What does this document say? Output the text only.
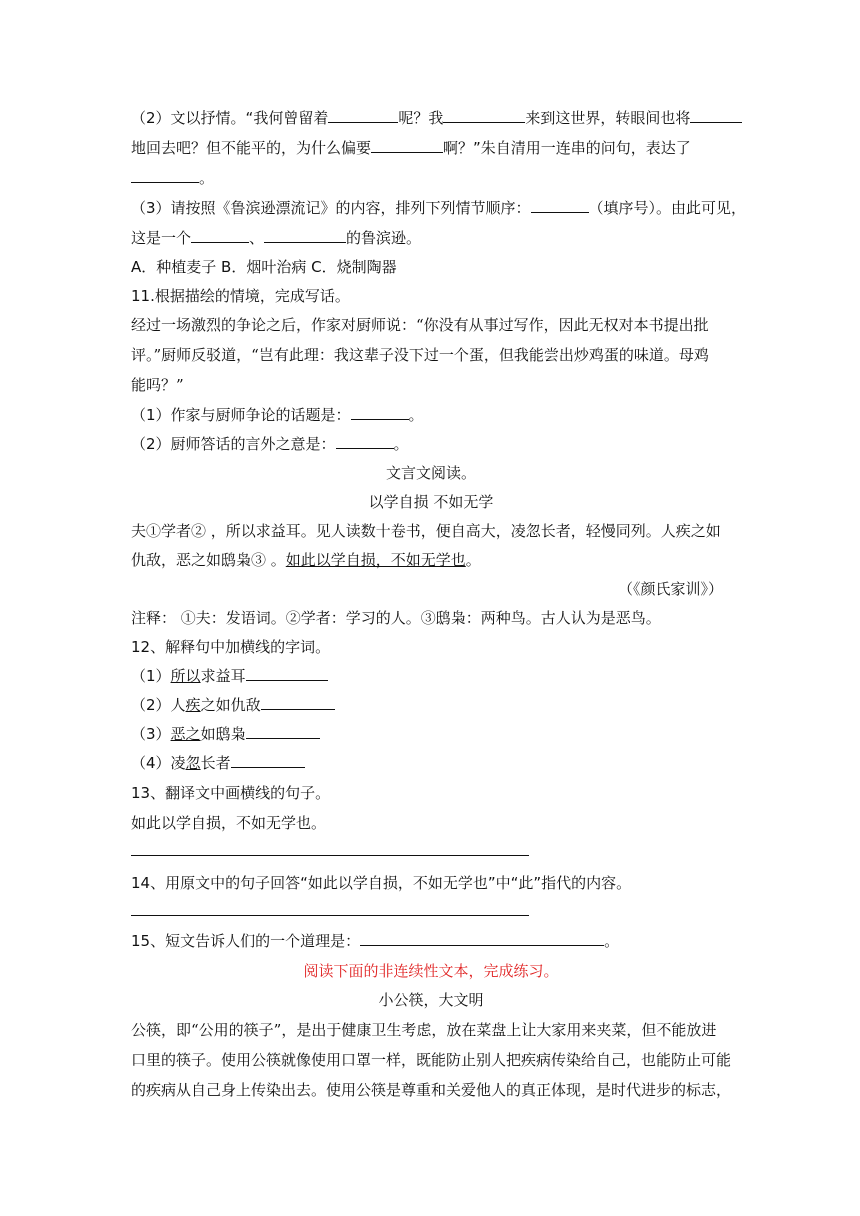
（2）文以抒情。“我何曾留着	呢？我	来到这世界，转眼间也将
地回去吧？但不能平的，为什么偏要	啊？”朱自清用一连串的问句，表达了
。
（3）请按照《鲁滨逊漂流记》的内容，排列下列情节顺序：	（填序号）。由此可见，
这是一个	、	的鲁滨逊。
A．种植麦子 B．烟叶治病 C．烧制陶器
11.根据描绘的情境，完成写话。
经过一场激烈的争论之后，作家对厨师说：“你没有从事过写作，因此无权对本书提出批
评。”厨师反驳道，“岂有此理：我这辈子没下过一个蛋，但我能尝出炒鸡蛋的味道。母鸡
能吗？”
（1）作家与厨师争论的话题是：	。
（2）厨师答话的言外之意是：	。
文言文阅读。
以学自损 不如无学
夫①学者② ，所以求益耳。见人读数十卷书，便自高大，凌忽长者，轻慢同列。人疾之如
仇敌，恶之如鸱枭③ 。如此以学自损，不如无学也。
（《颜氏家训》）
注释： ①夫：发语词。②学者：学习的人。③鸱枭：两种鸟。古人认为是恶鸟。
12、解释句中加横线的字词。
（1）所以求益耳
（2）人疾之如仇敌
（3）恶之如鸱枭
（4）凌忽长者
13、翻译文中画横线的句子。
如此以学自损，不如无学也。
14、用原文中的句子回答“如此以学自损，不如无学也”中“此”指代的内容。
15、短文告诉人们的一个道理是：	。
阅读下面的非连续性文本，完成练习。
小公筷，大文明
公筷，即“公用的筷子”，是出于健康卫生考虑，放在菜盘上让大家用来夹菜，但不能放进
口里的筷子。使用公筷就像使用口罩一样，既能防止别人把疾病传染给自己，也能防止可能
的疾病从自己身上传染出去。使用公筷是尊重和关爱他人的真正体现，是时代进步的标志，
